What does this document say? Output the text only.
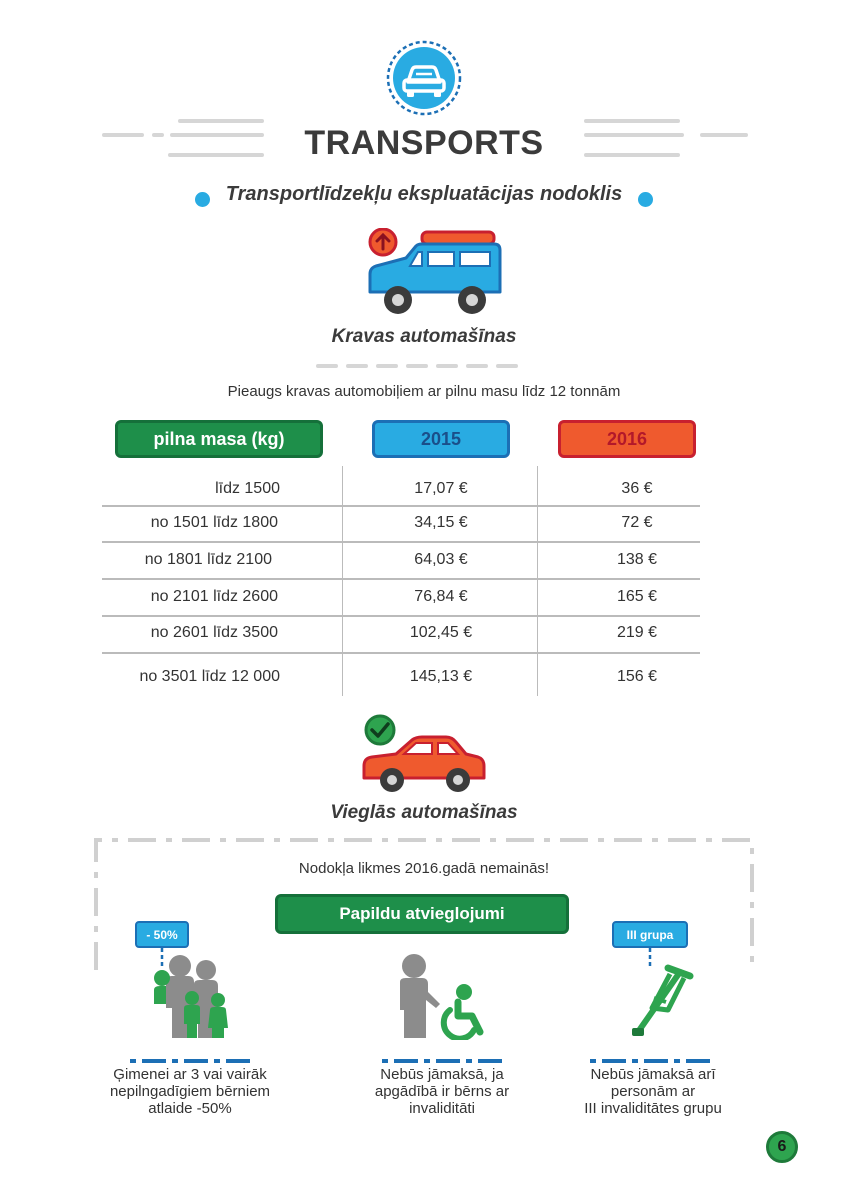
TRANSPORTS
Transportlīdzekļu ekspluatācijas nodoklis
Kravas automašīnas
Pieaugs kravas automobiļiem ar pilnu masu līdz 12 tonnām
pilna masa (kg)	2015	2016
līdz 1500	17,07 €	36 €
no 1501 līdz 1800	34,15 €	72 €
no 1801 līdz 2100	64,03 €	138 €
no 2101 līdz 2600	76,84 €	165 €
no 2601 līdz 3500	102,45 €	219 €
no 3501 līdz 12 000	145,13 €	156 €
Vieglās automašīnas
Nodokļa likmes 2016.gadā nemainās!
Papildu atvieglojumi
- 50%
Ģimenei ar 3 vai vairāk
nepilngadīgiem bērniem
atlaide -50%
Nebūs jāmaksā, ja
apgādībā ir bērns ar
invaliditāti
III grupa
Nebūs jāmaksā arī
personām ar
III invaliditātes grupu
6
